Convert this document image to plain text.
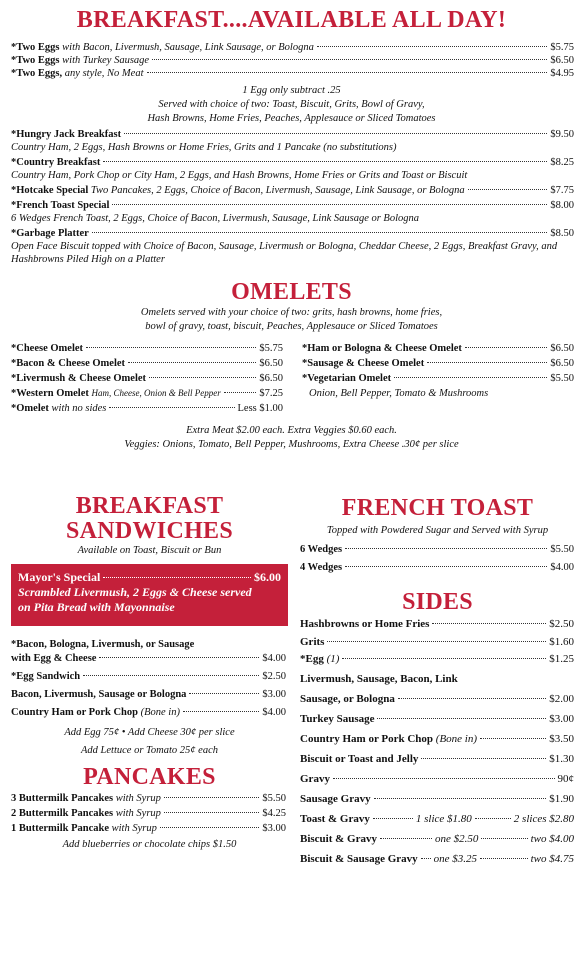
BREAKFAST....AVAILABLE ALL DAY!
*Two Eggs with Bacon, Livermush, Sausage, Link Sausage, or Bologna	$5.75
*Two Eggs with Turkey Sausage	$6.50
*Two Eggs, any style, No Meat	$4.95
1 Egg only subtract .25
Served with choice of two: Toast, Biscuit, Grits, Bowl of Gravy,
Hash Browns, Home Fries, Peaches, Applesauce or Sliced Tomatoes
*Hungry Jack Breakfast	$9.50
Country Ham, 2 Eggs, Hash Browns or Home Fries, Grits and 1 Pancake (no substitutions)
*Country Breakfast	$8.25
Country Ham, Pork Chop or City Ham, 2 Eggs, and Hash Browns, Home Fries or Grits and Toast or Biscuit
*Hotcake Special Two Pancakes, 2 Eggs, Choice of Bacon, Livermush, Sausage, Link Sausage, or Bologna	$7.75
*French Toast Special	$8.00
6 Wedges French Toast, 2 Eggs, Choice of Bacon, Livermush, Sausage, Link Sausage or Bologna
*Garbage Platter	$8.50
Open Face Biscuit topped with Choice of Bacon, Sausage, Livermush or Bologna, Cheddar Cheese, 2 Eggs, Breakfast Gravy, and Hashbrowns Piled High on a Platter
OMELETS
Omelets served with your choice of two: grits, hash browns, home fries,
bowl of gravy, toast, biscuit, Peaches, Applesauce or Sliced Tomatoes
*Cheese Omelet	$5.75
*Bacon & Cheese Omelet	$6.50
*Livermush & Cheese Omelet	$6.50
*Western Omelet Ham, Cheese, Onion & Bell Pepper	$7.25
*Omelet with no sides	Less $1.00
*Ham or Bologna & Cheese Omelet	$6.50
*Sausage & Cheese Omelet	$6.50
*Vegetarian Omelet	$5.50
Onion, Bell Pepper, Tomato & Mushrooms
Extra Meat $2.00 each. Extra Veggies $0.60 each.
Veggies: Onions, Tomato, Bell Pepper, Mushrooms, Extra Cheese .30¢ per slice
BREAKFAST
SANDWICHES
Available on Toast, Biscuit or Bun
Mayor's Special	$6.00
Scrambled Livermush, 2 Eggs & Cheese served
on Pita Bread with Mayonnaise
*Bacon, Bologna, Livermush, or Sausage
with Egg & Cheese	$4.00
*Egg Sandwich	$2.50
Bacon, Livermush, Sausage or Bologna	$3.00
Country Ham or Pork Chop (Bone in)	$4.00
Add Egg 75¢ • Add Cheese 30¢ per slice
Add Lettuce or Tomato 25¢ each
PANCAKES
3 Buttermilk Pancakes with Syrup	$5.50
2 Buttermilk Pancakes with Syrup	$4.25
1 Buttermilk Pancake with Syrup	$3.00
Add blueberries or chocolate chips $1.50
FRENCH TOAST
Topped with Powdered Sugar and Served with Syrup
6 Wedges	$5.50
4 Wedges	$4.00
SIDES
Hashbrowns or Home Fries	$2.50
Grits	$1.60
*Egg (1)	$1.25
Livermush, Sausage, Bacon, Link
Sausage, or Bologna	$2.00
Turkey Sausage	$3.00
Country Ham or Pork Chop (Bone in)	$3.50
Biscuit or Toast and Jelly	$1.30
Gravy	90¢
Sausage Gravy	$1.90
Toast & Gravy	1 slice $1.80	2 slices $2.80
Biscuit & Gravy	one $2.50	two $4.00
Biscuit & Sausage Gravy one $3.25	two $4.75
